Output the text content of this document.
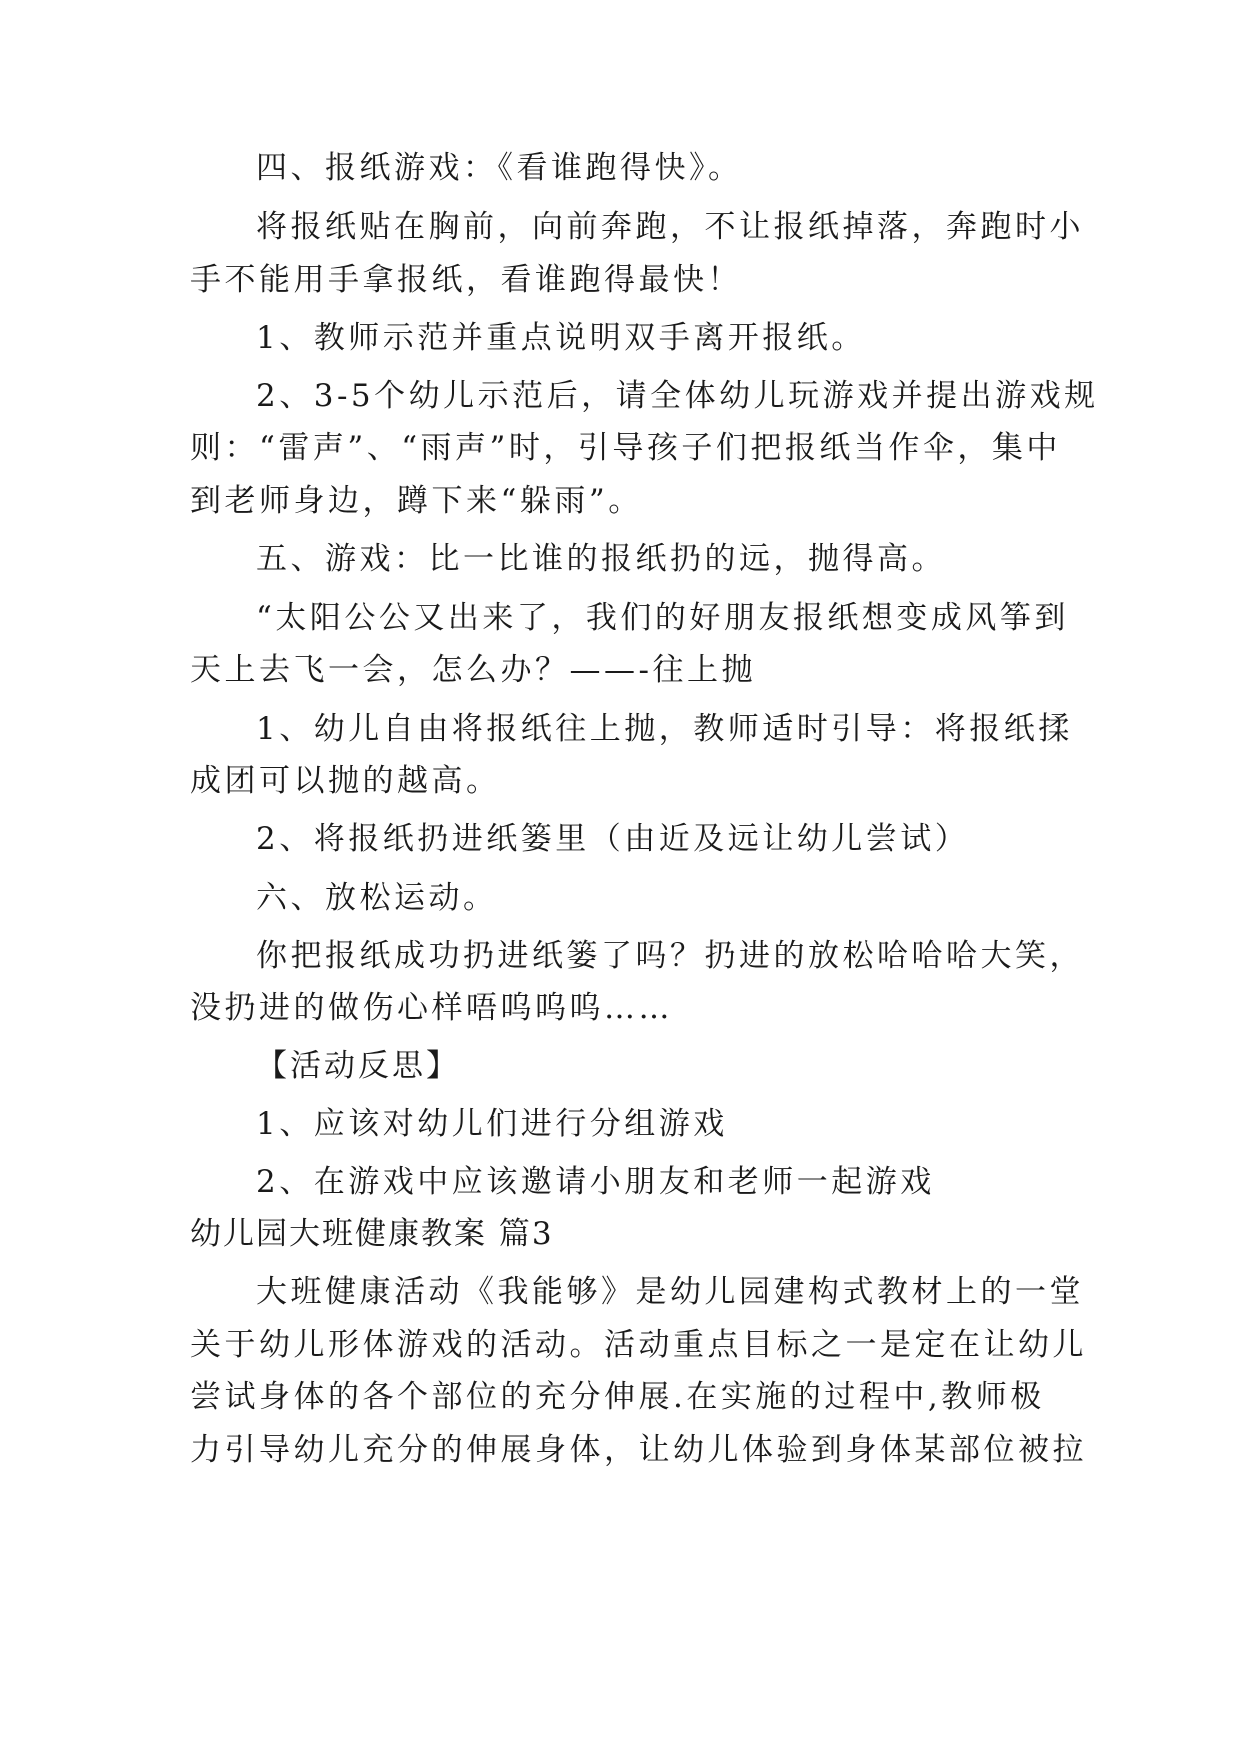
四、报纸游戏：《看谁跑得快》。
将报纸贴在胸前，向前奔跑，不让报纸掉落，奔跑时小
手不能用手拿报纸，看谁跑得最快！
1、教师示范并重点说明双手离开报纸。
2、3-5个幼儿示范后，请全体幼儿玩游戏并提出游戏规
则：“雷声”、“雨声”时，引导孩子们把报纸当作伞，集中
到老师身边，蹲下来“躲雨”。
五、游戏：比一比谁的报纸扔的远，抛得高。
“太阳公公又出来了，我们的好朋友报纸想变成风筝到
天上去飞一会，怎么办？——-往上抛
1、幼儿自由将报纸往上抛，教师适时引导：将报纸揉
成团可以抛的越高。
2、将报纸扔进纸篓里（由近及远让幼儿尝试）
六、放松运动。
你把报纸成功扔进纸篓了吗？扔进的放松哈哈哈大笑，
没扔进的做伤心样唔呜呜呜……
【活动反思】
1、应该对幼儿们进行分组游戏
2、在游戏中应该邀请小朋友和老师一起游戏
幼儿园大班健康教案 篇3
大班健康活动《我能够》是幼儿园建构式教材上的一堂
关于幼儿形体游戏的活动。活动重点目标之一是定在让幼儿
尝试身体的各个部位的充分伸展.在实施的过程中,教师极
力引导幼儿充分的伸展身体，让幼儿体验到身体某部位被拉
